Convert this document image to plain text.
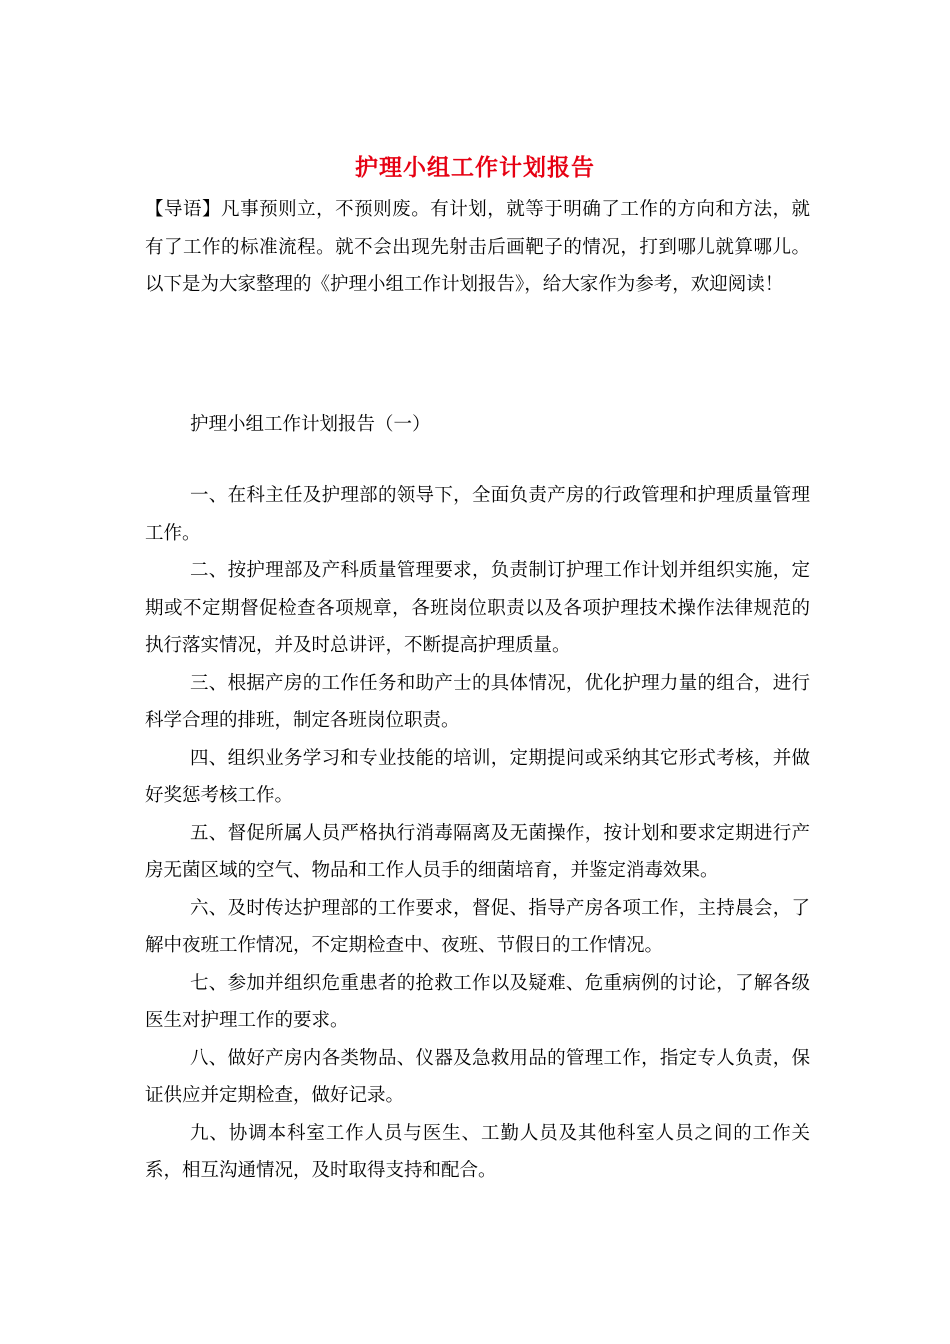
护理小组工作计划报告

【导语】凡事预则立，不预则废。有计划，就等于明确了工作的方向和方法，就有了工作的标准流程。就不会出现先射击后画靶子的情况，打到哪儿就算哪儿。以下是为大家整理的《护理小组工作计划报告》，给大家作为参考，欢迎阅读！

护理小组工作计划报告（一）

一、在科主任及护理部的领导下，全面负责产房的行政管理和护理质量管理工作。
二、按护理部及产科质量管理要求，负责制订护理工作计划并组织实施，定期或不定期督促检查各项规章，各班岗位职责以及各项护理技术操作法律规范的执行落实情况，并及时总讲评，不断提高护理质量。
三、根据产房的工作任务和助产士的具体情况，优化护理力量的组合，进行科学合理的排班，制定各班岗位职责。
四、组织业务学习和专业技能的培训，定期提问或采纳其它形式考核，并做好奖惩考核工作。
五、督促所属人员严格执行消毒隔离及无菌操作，按计划和要求定期进行产房无菌区域的空气、物品和工作人员手的细菌培育，并鉴定消毒效果。
六、及时传达护理部的工作要求，督促、指导产房各项工作，主持晨会，了解中夜班工作情况，不定期检查中、夜班、节假日的工作情况。
七、参加并组织危重患者的抢救工作以及疑难、危重病例的讨论，了解各级医生对护理工作的要求。
八、做好产房内各类物品、仪器及急救用品的管理工作，指定专人负责，保证供应并定期检查，做好记录。
九、协调本科室工作人员与医生、工勤人员及其他科室人员之间的工作关系，相互沟通情况，及时取得支持和配合。
